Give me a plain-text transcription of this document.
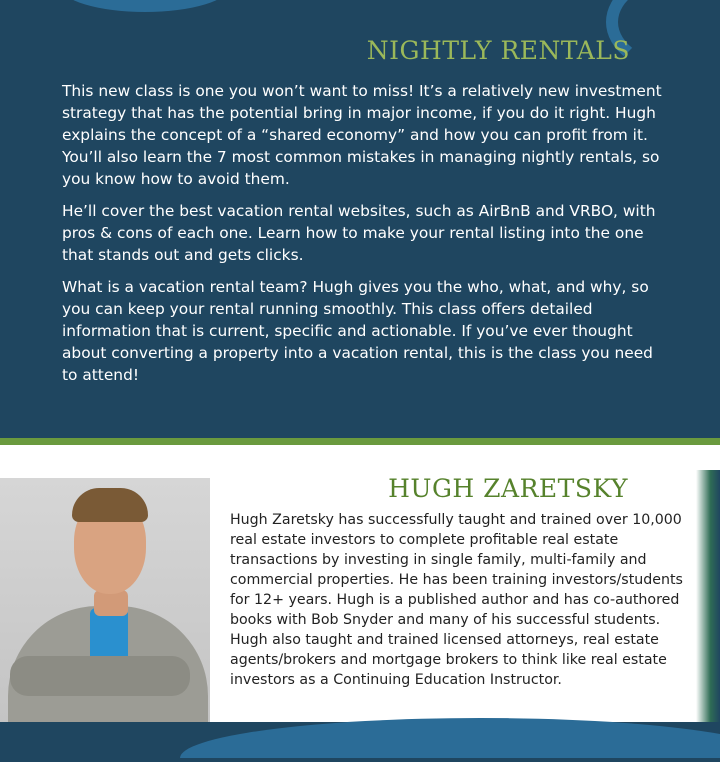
NIGHTLY RENTALS

This new class is one you won’t want to miss! It’s a relatively new investment strategy that has the potential bring in major income, if you do it right. Hugh explains the concept of a “shared economy” and how you can profit from it. You’ll also learn the 7 most common mistakes in managing nightly rentals, so you know how to avoid them.

He’ll cover the best vacation rental websites, such as AirBnB and VRBO, with pros & cons of each one. Learn how to make your rental listing into the one that stands out and gets clicks.

What is a vacation rental team? Hugh gives you the who, what, and why, so you can keep your rental running smoothly. This class offers detailed information that is current, specific and actionable. If you’ve ever thought about converting a property into a vacation rental, this is the class you need to attend!

HUGH ZARETSKY
Hugh Zaretsky has successfully taught and trained over 10,000 real estate investors to complete profitable real estate transactions by investing in single family, multi-family and commercial properties. He has been training investors/students for 12+ years. Hugh is a published author and has co-authored books with Bob Snyder and many of his successful students. Hugh also taught and trained licensed attorneys, real estate agents/brokers and mortgage brokers to think like real estate investors as a Continuing Education Instructor.
